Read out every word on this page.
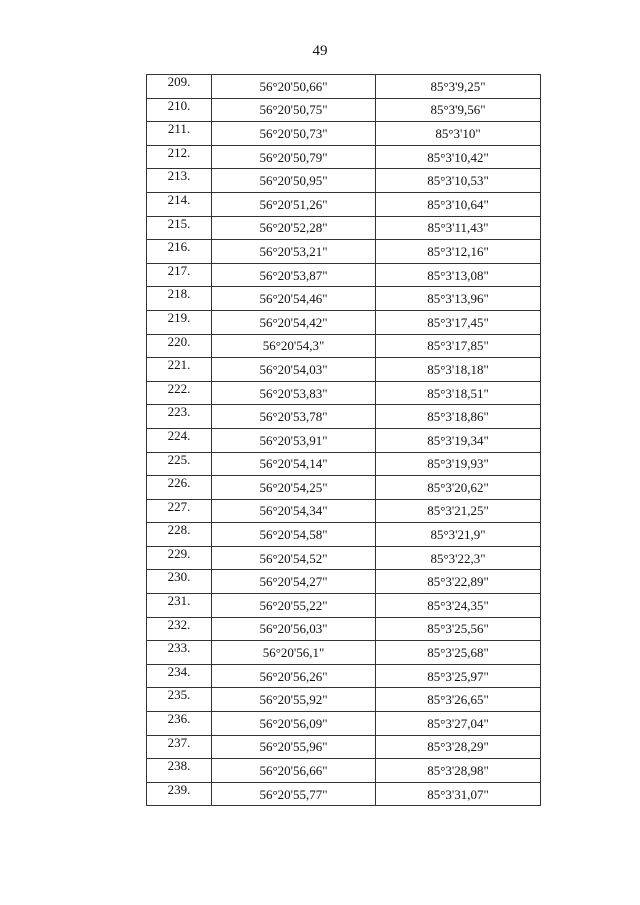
49
209.	56°20'50,66"	85°3'9,25"
210.	56°20'50,75"	85°3'9,56"
211.	56°20'50,73"	85°3'10"
212.	56°20'50,79"	85°3'10,42"
213.	56°20'50,95"	85°3'10,53"
214.	56°20'51,26"	85°3'10,64"
215.	56°20'52,28"	85°3'11,43"
216.	56°20'53,21"	85°3'12,16"
217.	56°20'53,87"	85°3'13,08"
218.	56°20'54,46"	85°3'13,96"
219.	56°20'54,42"	85°3'17,45"
220.	56°20'54,3"	85°3'17,85"
221.	56°20'54,03"	85°3'18,18"
222.	56°20'53,83"	85°3'18,51"
223.	56°20'53,78"	85°3'18,86"
224.	56°20'53,91"	85°3'19,34"
225.	56°20'54,14"	85°3'19,93"
226.	56°20'54,25"	85°3'20,62"
227.	56°20'54,34"	85°3'21,25"
228.	56°20'54,58"	85°3'21,9"
229.	56°20'54,52"	85°3'22,3"
230.	56°20'54,27"	85°3'22,89"
231.	56°20'55,22"	85°3'24,35"
232.	56°20'56,03"	85°3'25,56"
233.	56°20'56,1"	85°3'25,68"
234.	56°20'56,26"	85°3'25,97"
235.	56°20'55,92"	85°3'26,65"
236.	56°20'56,09"	85°3'27,04"
237.	56°20'55,96"	85°3'28,29"
238.	56°20'56,66"	85°3'28,98"
239.	56°20'55,77"	85°3'31,07"
